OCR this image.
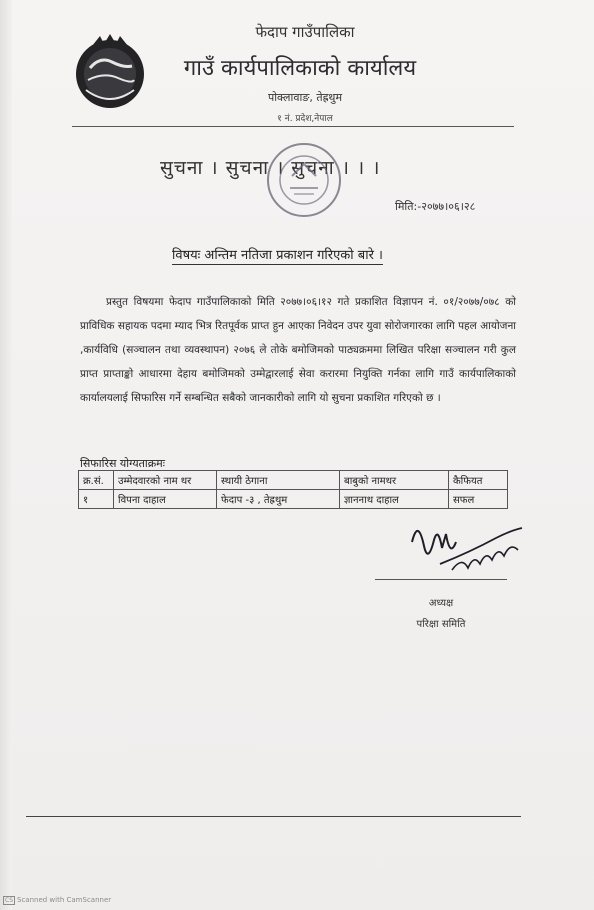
फेदाप गाउँपालिका
गाउँ कार्यपालिकाको कार्यालय
पोक्लावाङ, तेह्रथुम
१ नं. प्रदेश,नेपाल
सुचना । सुचना । सुचना । । ।
मिति:-२०७७।०६।२८
विषयः अन्तिम नतिजा प्रकाशन गरिएको बारे ।

प्रस्तुत विषयमा फेदाप गाउँपालिकाको मिति २०७७।०६।१२ गते प्रकाशित विज्ञापन नं. ०१/२०७७/०७८ को प्राविधिक सहायक पदमा म्याद भित्र रितपूर्वक प्राप्त हुन आएका निवेदन उपर युवा सोरोजगारका लागि पहल आयोजना ,कार्यविधि (सञ्चालन तथा व्यवस्थापन) २०७६ ले तोके बमोजिमको पाठ्यक्रममा लिखित परिक्षा सञ्चालन गरी कुल प्राप्त प्राप्ताङ्को आधारमा देहाय बमोजिमको उम्मेद्वारलाई सेवा करारमा नियुक्ति गर्नका लागि गाउँ कार्यपालिकाको कार्यालयलाई सिफारिस गर्ने सम्बन्धित सबैको जानकारीको लागि यो सुचना प्रकाशित गरिएको छ ।

सिफारिस योग्यताक्रमः
क्र.सं.	उम्मेदवारको नाम थर	स्थायी ठेगाना	बाबुको नामथर	कैफियत
१	विपना दाहाल	फेदाप -३ , तेह्रथुम	ज्ञाननाथ दाहाल	सफल
अध्यक्ष
परिक्षा समिति
CS Scanned with CamScanner
